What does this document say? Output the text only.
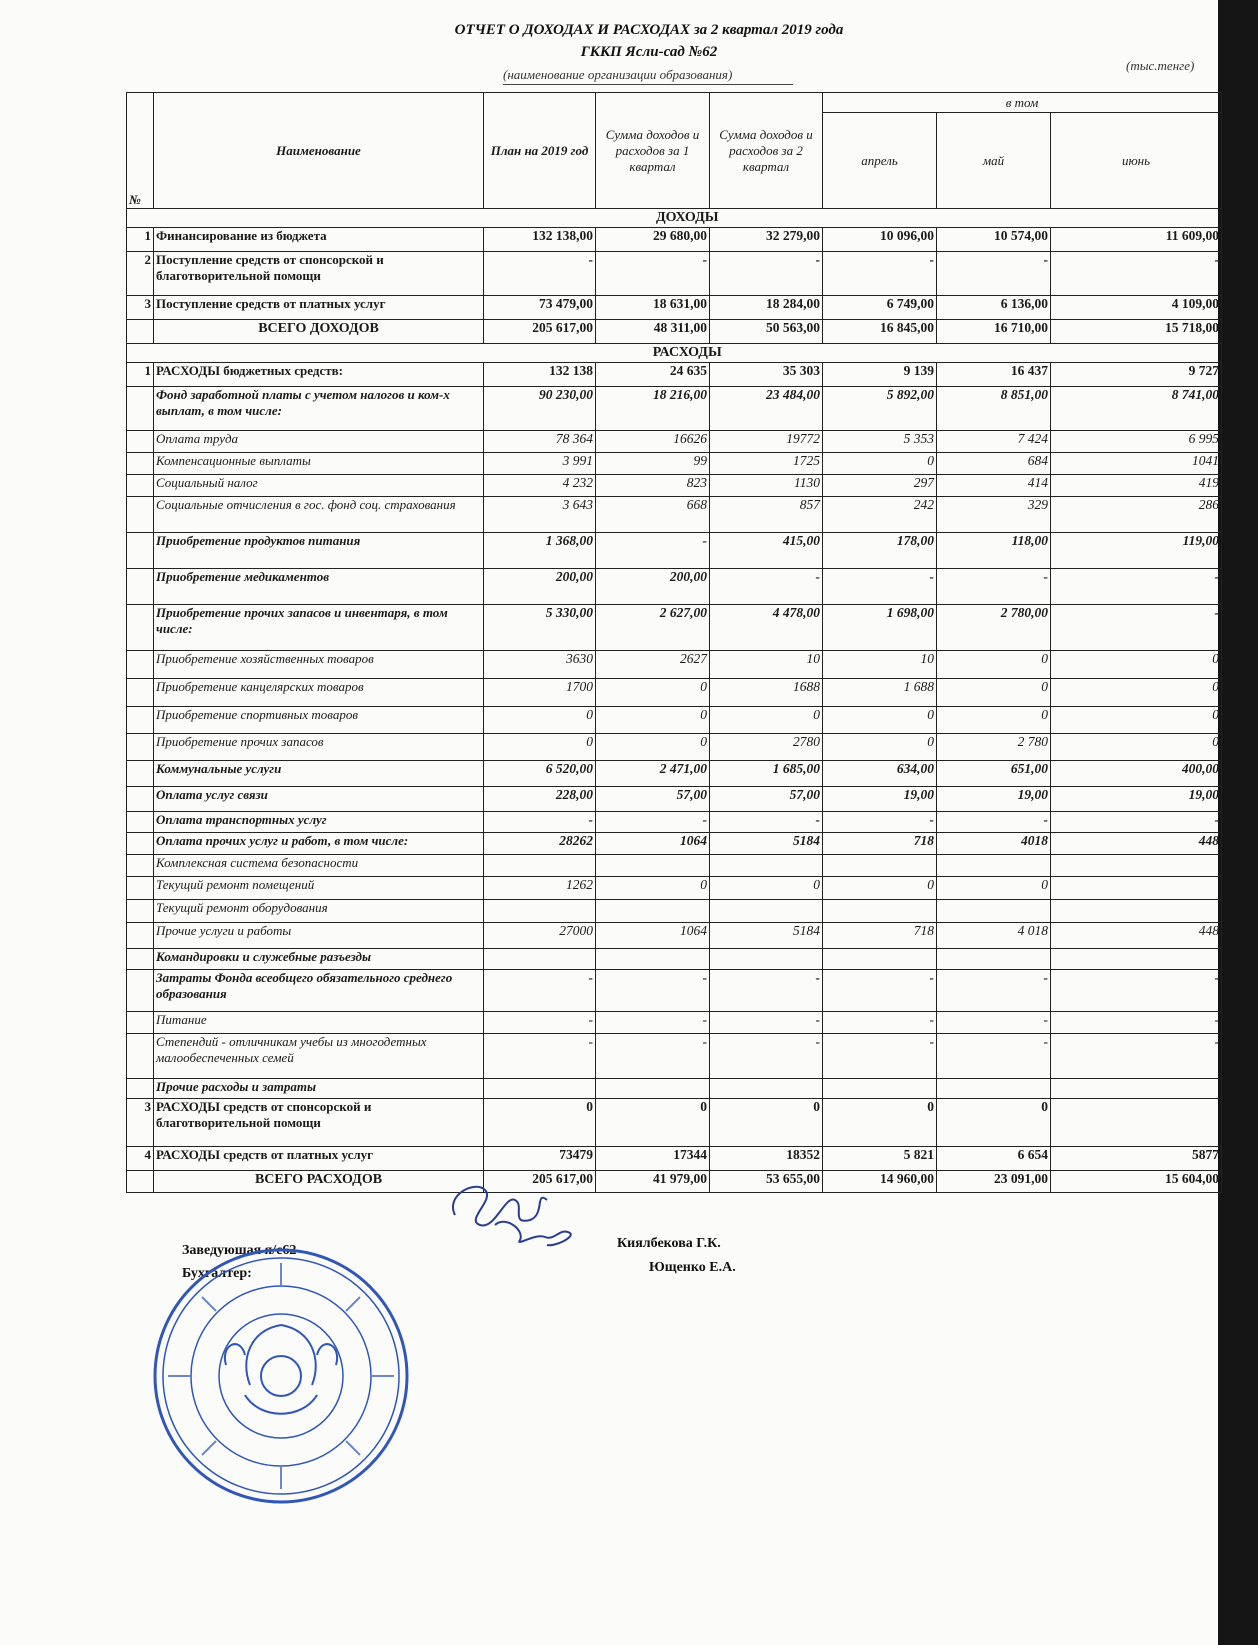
ОТЧЕТ О ДОХОДАХ И РАСХОДАХ за 2 квартал 2019 года
ГККП Ясли-сад №62
(наименование организации образования)
(тыс.тенге)
№	Наименование	План на 2019 год	Сумма доходов и расходов за 1 квартал	Сумма доходов и расходов за 2 квартал	в том		
					апрель	май	июнь
	ДОХОДЫ						
1	Финансирование из бюджета	132 138,00	29 680,00	32 279,00	10 096,00	10 574,00	11 609,00
2	Поступление средств от спонсорской и благотворительной помощи	-	-	-	-	-	-
3	Поступление средств от платных услуг	73 479,00	18 631,00	18 284,00	6 749,00	6 136,00	4 109,00
	ВСЕГО ДОХОДОВ	205 617,00	48 311,00	50 563,00	16 845,00	16 710,00	15 718,00
	РАСХОДЫ						
1	РАСХОДЫ бюджетных средств:	132 138	24 635	35 303	9 139	16 437	9 727
	Фонд заработной платы с учетом налогов и ком-х выплат, в том числе:	90 230,00	18 216,00	23 484,00	5 892,00	8 851,00	8 741,00
	Оплата труда	78 364	16626	19772	5 353	7 424	6 995
	Компенсационные выплаты	3 991	99	1725	0	684	1041
	Социальный налог	4 232	823	1130	297	414	419
	Социальные отчисления в гос. фонд соц. страхования	3 643	668	857	242	329	286
	Приобретение продуктов питания	1 368,00	-	415,00	178,00	118,00	119,00
	Приобретение медикаментов	200,00	200,00	-	-	-	-
	Приобретение прочих запасов и инвентаря, в том числе:	5 330,00	2 627,00	4 478,00	1 698,00	2 780,00	-
	Приобретение хозяйственных товаров	3630	2627	10	10	0	0
	Приобретение канцелярских товаров	1700	0	1688	1 688	0	0
	Приобретение спортивных товаров	0	0	0	0	0	0
	Приобретение прочих запасов	0	0	2780	0	2 780	0
	Коммунальные услуги	6 520,00	2 471,00	1 685,00	634,00	651,00	400,00
	Оплата услуг связи	228,00	57,00	57,00	19,00	19,00	19,00
	Оплата транспортных услуг	-	-	-	-	-	-
	Оплата прочих услуг и работ, в том числе:	28262	1064	5184	718	4018	448
	Комплексная система безопасности						
	Текущий ремонт помещений	1262	0	0	0	0	
	Текущий ремонт оборудования						
	Прочие услуги и работы	27000	1064	5184	718	4 018	448
	Командировки и служебные разъезды						
	Затраты Фонда всеобщего обязательного среднего образования	-	-	-	-	-	-
	Питание	-	-	-	-	-	-
	Степендий - отличникам учебы из многодетных малообеспеченных семей	-	-	-	-	-	-
	Прочие расходы и затраты						
3	РАСХОДЫ средств от спонсорской и благотворительной помощи	0	0	0	0	0	
4	РАСХОДЫ средств от платных услуг	73479	17344	18352	5 821	6 654	5877
	ВСЕГО РАСХОДОВ	205 617,00	41 979,00	53 655,00	14 960,00	23 091,00	15 604,00
Заведующая я/с62	Киялбекова Г.К.
Бухгалтер:	Ющенко Е.А.
